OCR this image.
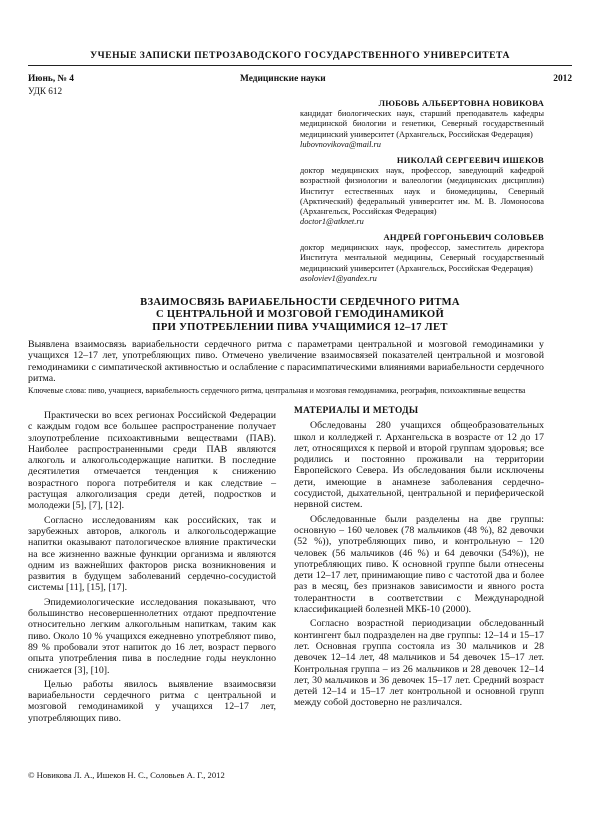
УЧЕНЫЕ ЗАПИСКИ ПЕТРОЗАВОДСКОГО ГОСУДАРСТВЕННОГО УНИВЕРСИТЕТА
Июнь, № 4	Медицинские науки	2012
УДК 612
ЛЮБОВЬ АЛЬБЕРТОВНА НОВИКОВА
кандидат биологических наук, старший преподаватель кафедры медицинской биологии и генетики, Северный государственный медицинский университет (Архангельск, Российская Федерация)
lubovnovikova@mail.ru
НИКОЛАЙ СЕРГЕЕВИЧ ИШЕКОВ
доктор медицинских наук, профессор, заведующий кафедрой возрастной физиологии и валеологии (медицинских дисциплин) Институт естественных наук и биомедицины, Северный (Арктический) федеральный университет им. М. В. Ломоносова (Архангельск, Российская Федерация)
doctor1@atknet.ru
АНДРЕЙ ГОРГОНЬЕВИЧ СОЛОВЬЕВ
доктор медицинских наук, профессор, заместитель директора Института ментальной медицины, Северный государственный медицинский университет (Архангельск, Российская Федерация)
asoloviev1@yandex.ru
ВЗАИМОСВЯЗЬ ВАРИАБЕЛЬНОСТИ СЕРДЕЧНОГО РИТМА
С ЦЕНТРАЛЬНОЙ И МОЗГОВОЙ ГЕМОДИНАМИКОЙ
ПРИ УПОТРЕБЛЕНИИ ПИВА УЧАЩИМИСЯ 12–17 ЛЕТ
Выявлена взаимосвязь вариабельности сердечного ритма с параметрами центральной и мозговой гемодинамики у учащихся 12–17 лет, употребляющих пиво. Отмечено увеличение взаимосвязей показателей центральной и мозговой гемодинамики с симпатической активностью и ослабление с парасимпатическими влияниями вариабельности сердечного ритма.
Ключевые слова: пиво, учащиеся, вариабельность сердечного ритма, центральная и мозговая гемодинамика, реография, психоактивные вещества

Практически во всех регионах Российской Федерации с каждым годом все большее распространение получает злоупотребление психоактивными веществами (ПАВ). Наиболее распространенными среди ПАВ являются алкоголь и алкогольсодержащие напитки. В последние десятилетия отмечается тенденция к снижению возрастного порога потребителя и как следствие – растущая алкоголизация среди детей, подростков и молодежи [5], [7], [12].

Согласно исследованиям как российских, так и зарубежных авторов, алкоголь и алкогольсодержащие напитки оказывают патологическое влияние практически на все жизненно важные функции организма и являются одним из важнейших факторов риска возникновения и развития в будущем заболеваний сердечно-сосудистой системы [11], [15], [17].

Эпидемиологические исследования показывают, что большинство несовершеннолетних отдают предпочтение относительно легким алкогольным напиткам, таким как пиво. Около 10 % учащихся ежедневно употребляют пиво, 89 % пробовали этот напиток до 16 лет, возраст первого опыта употребления пива в последние годы неуклонно снижается [3], [10].

Целью работы явилось выявление взаимосвязи вариабельности сердечного ритма с центральной и мозговой гемодинамикой у учащихся 12–17 лет, употребляющих пиво.

МАТЕРИАЛЫ И МЕТОДЫ

Обследованы 280 учащихся общеобразовательных школ и колледжей г. Архангельска в возрасте от 12 до 17 лет, относящихся к первой и второй группам здоровья; все родились и постоянно проживали на территории Европейского Севера. Из обследования были исключены дети, имеющие в анамнезе заболевания сердечно-сосудистой, дыхательной, центральной и периферической нервной систем.

Обследованные были разделены на две группы: основную – 160 человек (78 мальчиков (48 %), 82 девочки (52 %)), употребляющих пиво, и контрольную – 120 человек (56 мальчиков (46 %) и 64 девочки (54%)), не употребляющих пиво. К основной группе были отнесены дети 12–17 лет, принимающие пиво с частотой два и более раз в месяц, без признаков зависимости и явного роста толерантности в соответствии с Международной классификацией болезней МКБ-10 (2000).

Согласно возрастной периодизации обследованный контингент был подразделен на две группы: 12–14 и 15–17 лет. Основная группа состояла из 30 мальчиков и 28 девочек 12–14 лет, 48 мальчиков и 54 девочек 15–17 лет. Контрольная группа – из 26 мальчиков и 28 девочек 12–14 лет, 30 мальчиков и 36 девочек 15–17 лет. Средний возраст детей 12–14 и 15–17 лет контрольной и основной групп между собой достоверно не различался.

© Новикова Л. А., Ишеков Н. С., Соловьев А. Г., 2012
